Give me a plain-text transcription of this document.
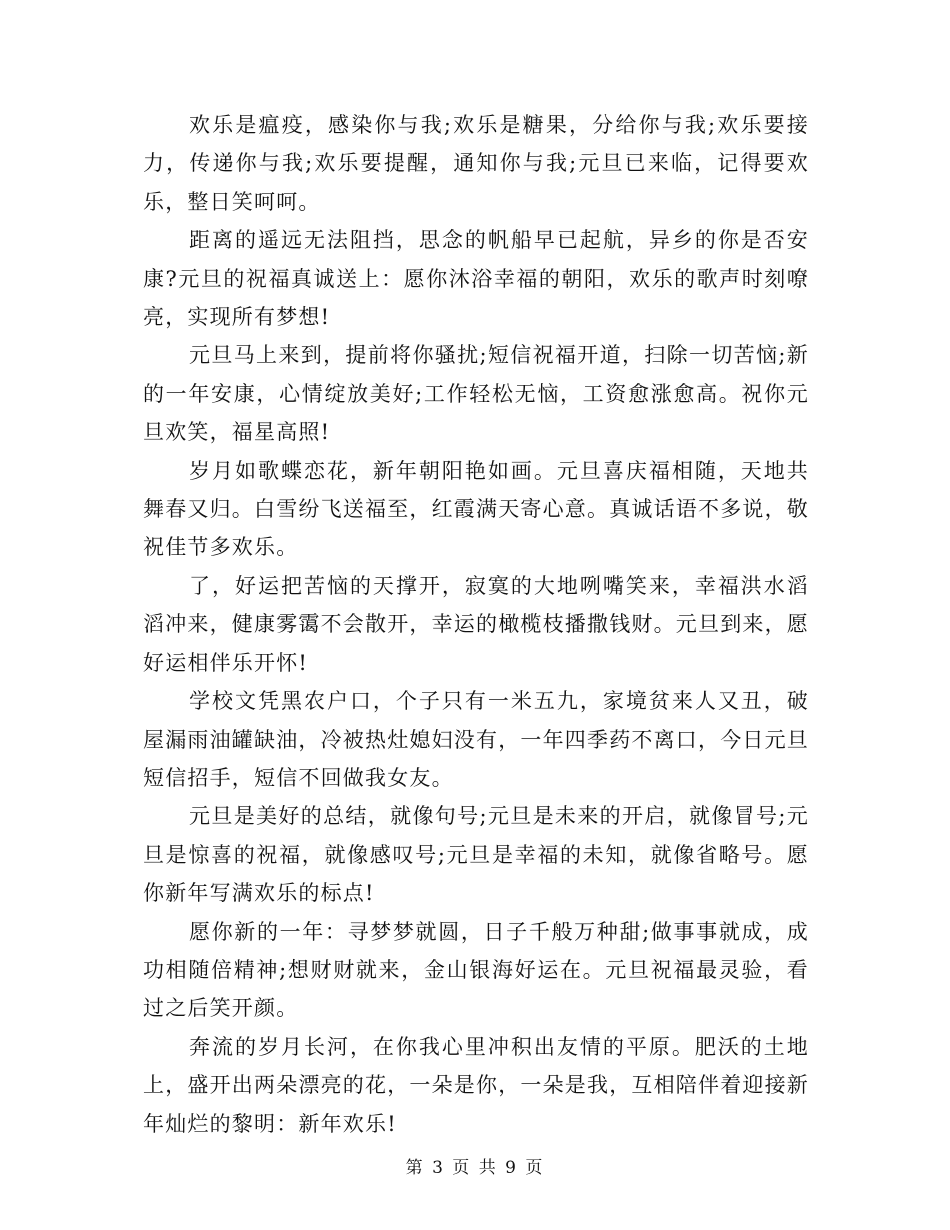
欢乐是瘟疫，感染你与我;欢乐是糖果，分给你与我;欢乐要接力，传递你与我;欢乐要提醒，通知你与我;元旦已来临，记得要欢乐，整日笑呵呵。

距离的遥远无法阻挡，思念的帆船早已起航，异乡的你是否安康?元旦的祝福真诚送上：愿你沐浴幸福的朝阳，欢乐的歌声时刻嘹亮，实现所有梦想!

元旦马上来到，提前将你骚扰;短信祝福开道，扫除一切苦恼;新的一年安康，心情绽放美好;工作轻松无恼，工资愈涨愈高。祝你元旦欢笑，福星高照!

岁月如歌蝶恋花，新年朝阳艳如画。元旦喜庆福相随，天地共舞春又归。白雪纷飞送福至，红霞满天寄心意。真诚话语不多说，敬祝佳节多欢乐。

了，好运把苦恼的天撑开，寂寞的大地咧嘴笑来，幸福洪水滔滔冲来，健康雾霭不会散开，幸运的橄榄枝播撒钱财。元旦到来，愿好运相伴乐开怀!

学校文凭黑农户口，个子只有一米五九，家境贫来人又丑，破屋漏雨油罐缺油，冷被热灶媳妇没有，一年四季药不离口，今日元旦短信招手，短信不回做我女友。

元旦是美好的总结，就像句号;元旦是未来的开启，就像冒号;元旦是惊喜的祝福，就像感叹号;元旦是幸福的未知，就像省略号。愿你新年写满欢乐的标点!

愿你新的一年：寻梦梦就圆，日子千般万种甜;做事事就成，成功相随倍精神;想财财就来，金山银海好运在。元旦祝福最灵验，看过之后笑开颜。

奔流的岁月长河，在你我心里冲积出友情的平原。肥沃的土地上，盛开出两朵漂亮的花，一朵是你，一朵是我，互相陪伴着迎接新年灿烂的黎明：新年欢乐!

第 3 页 共 9 页
